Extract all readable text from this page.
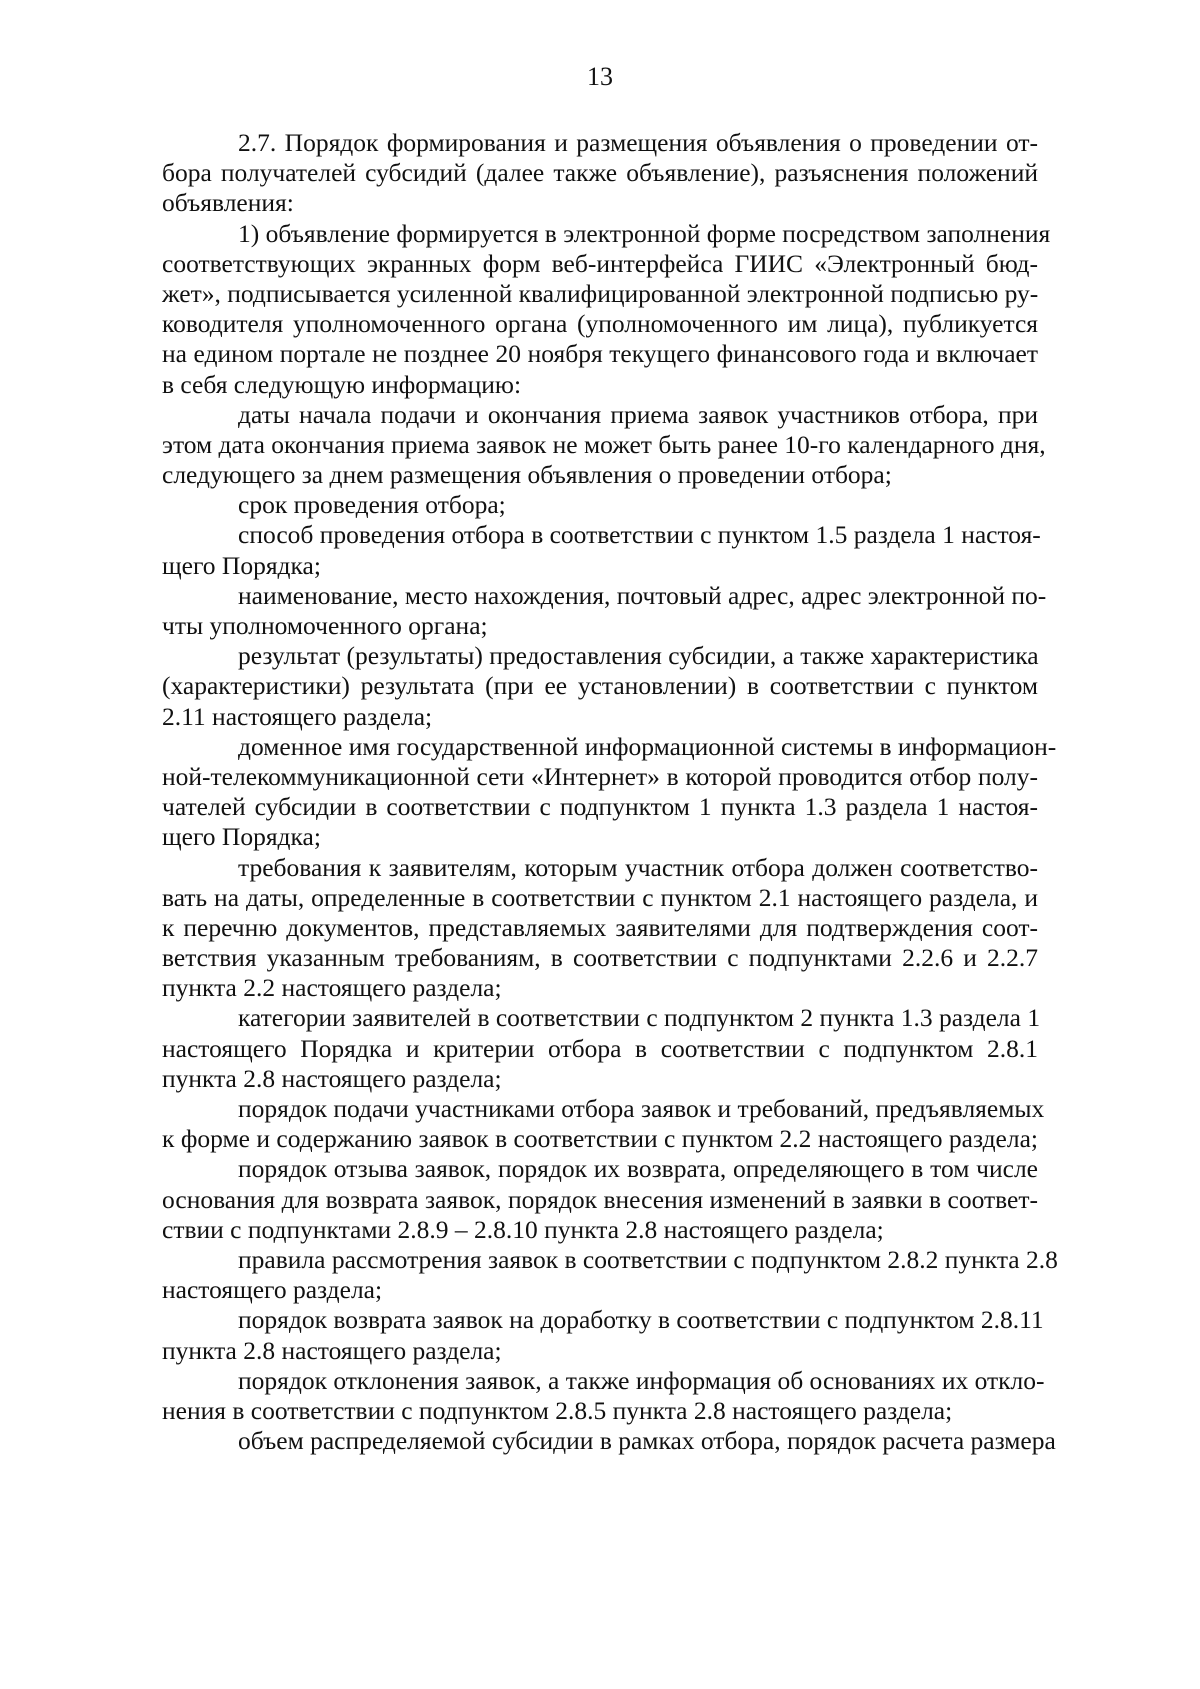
13
2.7. Порядок формирования и размещения объявления о проведении от-
бора получателей субсидий (далее также объявление), разъяснения положений
объявления:
1) объявление формируется в электронной форме посредством заполнения
соответствующих экранных форм веб-интерфейса ГИИС «Электронный бюд-
жет», подписывается усиленной квалифицированной электронной подписью ру-
ководителя уполномоченного органа (уполномоченного им лица), публикуется
на едином портале не позднее 20 ноября текущего финансового года и включает
в себя следующую информацию:
даты начала подачи и окончания приема заявок участников отбора, при
этом дата окончания приема заявок не может быть ранее 10-го календарного дня,
следующего за днем размещения объявления о проведении отбора;
срок проведения отбора;
способ проведения отбора в соответствии с пунктом 1.5 раздела 1 настоя-
щего Порядка;
наименование, место нахождения, почтовый адрес, адрес электронной по-
чты уполномоченного органа;
результат (результаты) предоставления субсидии, а также характеристика
(характеристики) результата (при ее установлении) в соответствии с пунктом
2.11 настоящего раздела;
доменное имя государственной информационной системы в информацион-
ной-телекоммуникационной сети «Интернет» в которой проводится отбор полу-
чателей субсидии в соответствии с подпунктом 1 пункта 1.3 раздела 1 настоя-
щего Порядка;
требования к заявителям, которым участник отбора должен соответство-
вать на даты, определенные в соответствии с пунктом 2.1 настоящего раздела, и
к перечню документов, представляемых заявителями для подтверждения соот-
ветствия указанным требованиям, в соответствии с подпунктами 2.2.6 и 2.2.7
пункта 2.2 настоящего раздела;
категории заявителей в соответствии с подпунктом 2 пункта 1.3 раздела 1
настоящего Порядка и критерии отбора в соответствии с подпунктом 2.8.1
пункта 2.8 настоящего раздела;
порядок подачи участниками отбора заявок и требований, предъявляемых
к форме и содержанию заявок в соответствии с пунктом 2.2 настоящего раздела;
порядок отзыва заявок, порядок их возврата, определяющего в том числе
основания для возврата заявок, порядок внесения изменений в заявки в соответ-
ствии с подпунктами 2.8.9 – 2.8.10 пункта 2.8 настоящего раздела;
правила рассмотрения заявок в соответствии с подпунктом 2.8.2 пункта 2.8
настоящего раздела;
порядок возврата заявок на доработку в соответствии с подпунктом 2.8.11
пункта 2.8 настоящего раздела;
порядок отклонения заявок, а также информация об основаниях их откло-
нения в соответствии с подпунктом 2.8.5 пункта 2.8 настоящего раздела;
объем распределяемой субсидии в рамках отбора, порядок расчета размера
